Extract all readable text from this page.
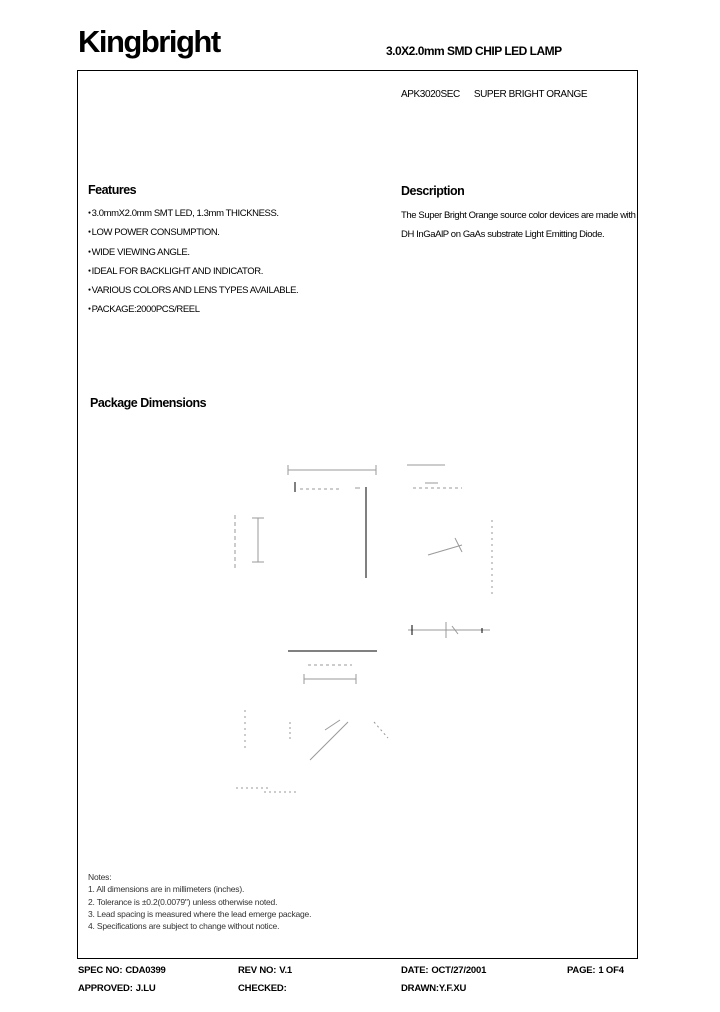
Kingbright	3.0X2.0mm SMD CHIP LED LAMP
APK3020SEC SUPER BRIGHT ORANGE
Features
● 3.0mmX2.0mm SMT LED, 1.3mm THICKNESS.
● LOW POWER CONSUMPTION.
● WIDE VIEWING ANGLE.
● IDEAL FOR BACKLIGHT AND INDICATOR.
● VARIOUS COLORS AND LENS TYPES AVAILABLE.
● PACKAGE:2000PCS/REEL
Description
The Super Bright Orange source color devices are made with DH InGaAlP on GaAs substrate Light Emitting Diode.
Package Dimensions
Notes:
1. All dimensions are in millimeters (inches).
2. Tolerance is ±0.2(0.0079") unless otherwise noted.
3. Lead spacing is measured where the lead emerge package.
4. Specifications are subject to change without notice.
SPEC NO: CDA0399	REV NO: V.1	DATE: OCT/27/2001	PAGE: 1 OF4
APPROVED: J.LU	CHECKED:	DRAWN:Y.F.XU
